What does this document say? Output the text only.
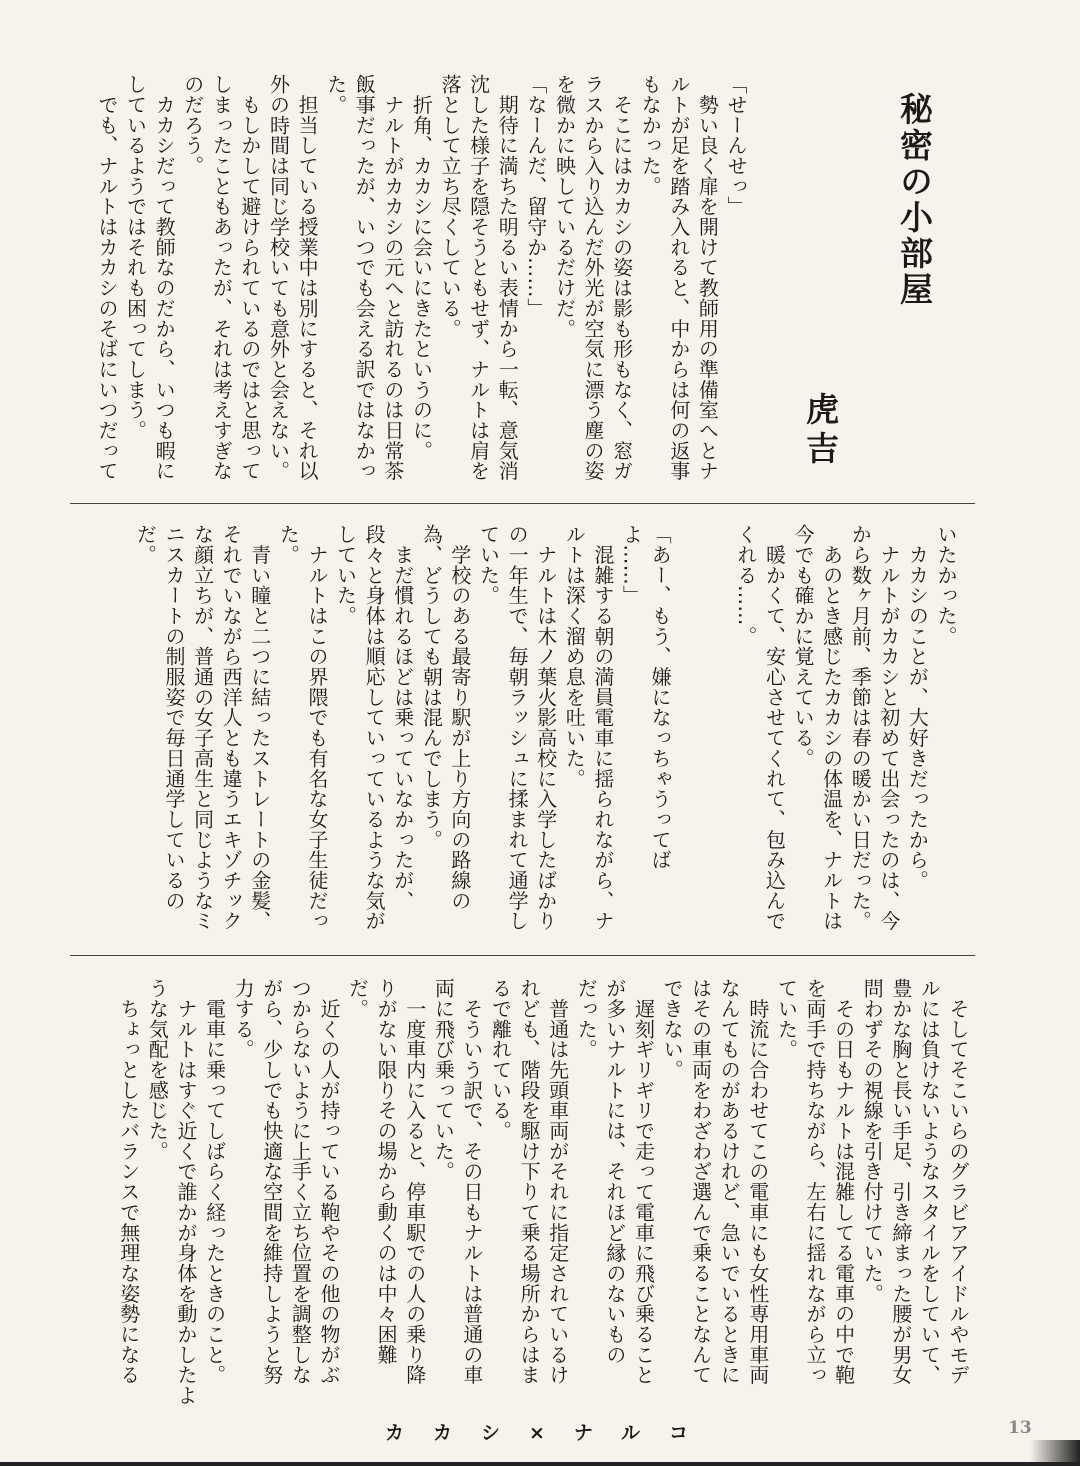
秘密の小部屋
虎吉
「せーんせっ」
　勢い良く扉を開けて教師用の準備室へとナ
ルトが足を踏み入れると、中からは何の返事
もなかった。
　そこにはカカシの姿は影も形もなく、窓ガ
ラスから入り込んだ外光が空気に漂う塵の姿
を微かに映しているだけだ。
「なーんだ、留守か……」
　期待に満ちた明るい表情から一転、意気消
沈した様子を隠そうともせず、ナルトは肩を
落として立ち尽くしている。
　折角、カカシに会いにきたというのに。
　ナルトがカカシの元へと訪れるのは日常茶
飯事だったが、いつでも会える訳ではなかっ
た。
　担当している授業中は別にすると、それ以
外の時間は同じ学校いても意外と会えない。
　もしかして避けられているのではと思って
しまったこともあったが、それは考えすぎな
のだろう。
　カカシだって教師なのだから、いつも暇に
しているようではそれも困ってしまう。
　でも、ナルトはカカシのそばにいつだって
いたかった。
　カカシのことが、大好きだったから。
　ナルトがカカシと初めて出会ったのは、今
から数ヶ月前、季節は春の暖かい日だった。
　あのとき感じたカカシの体温を、ナルトは
今でも確かに覚えている。
　暖かくて、安心させてくれて、包み込んで
くれる……。
「あー、もう、嫌になっちゃうってば
よ……」
　混雑する朝の満員電車に揺られながら、ナ
ルトは深く溜め息を吐いた。
　ナルトは木ノ葉火影高校に入学したばかり
の一年生で、毎朝ラッシュに揉まれて通学し
ていた。
　学校のある最寄り駅が上り方向の路線の
為、どうしても朝は混んでしまう。
　まだ慣れるほどは乗っていなかったが、
段々と身体は順応していっているような気が
していた。
　ナルトはこの界隈でも有名な女子生徒だっ
た。
　青い瞳と二つに結ったストレートの金髪、
それでいながら西洋人とも違うエキゾチック
な顔立ちが、普通の女子高生と同じようなミ
ニスカートの制服姿で毎日通学しているの
だ。
　そしてそこいらのグラビアアイドルやモデ
ルには負けないようなスタイルをしていて、
豊かな胸と長い手足、引き締まった腰が男女
問わずその視線を引き付けていた。
　その日もナルトは混雑してる電車の中で鞄
を両手で持ちながら、左右に揺れながら立っ
ていた。
　時流に合わせてこの電車にも女性専用車両
なんてものがあるけれど、急いでいるときに
はその車両をわざわざ選んで乗ることなんて
できない。
　遅刻ギリギリで走って電車に飛び乗ること
が多いナルトには、それほど縁のないもの
だった。
　普通は先頭車両がそれに指定されているけ
れども、階段を駆け下りて乗る場所からはま
るで離れている。
　そういう訳で、その日もナルトは普通の車
両に飛び乗っていた。
　一度車内に入ると、停車駅での人の乗り降
りがない限りその場から動くのは中々困難
だ。
　近くの人が持っている鞄やその他の物がぶ
つからないように上手く立ち位置を調整しな
がら、少しでも快適な空間を維持しようと努
力する。
　電車に乗ってしばらく経ったときのこと。
　ナルトはすぐ近くで誰かが身体を動かしたよ
うな気配を感じた。
　ちょっとしたバランスで無理な姿勢になる
カカシ×ナルコ	13
